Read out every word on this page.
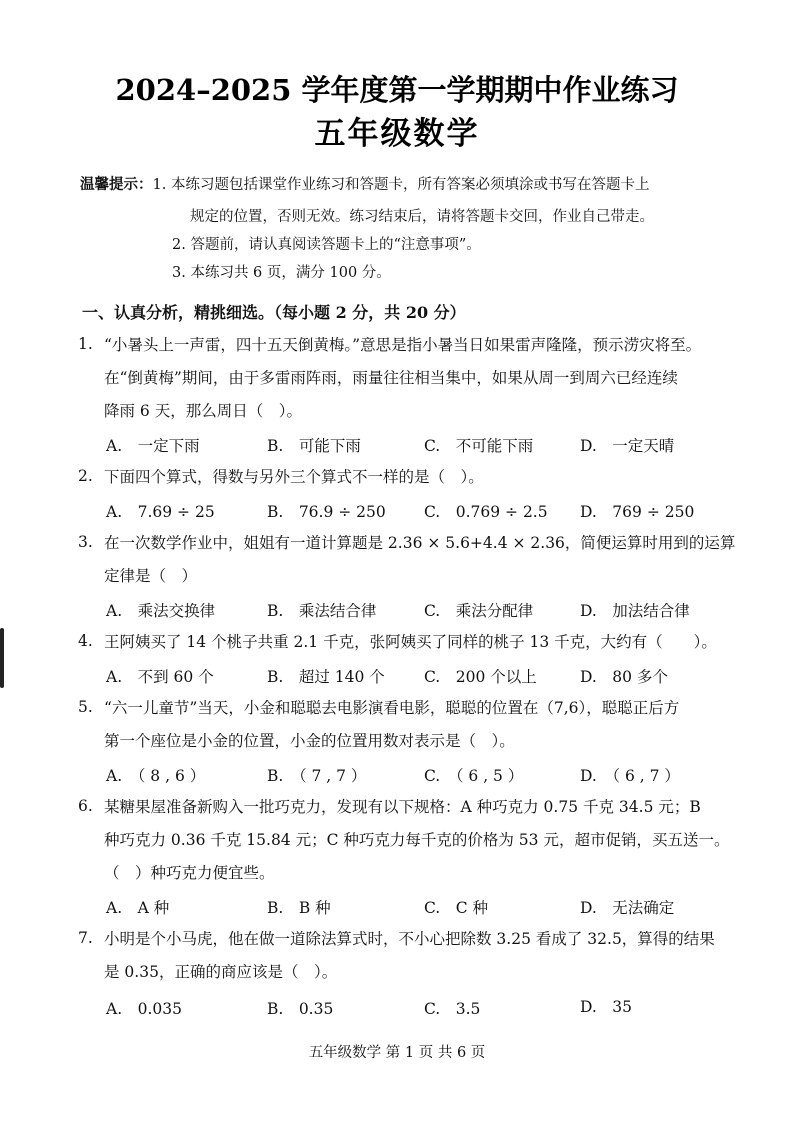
2024–2025 学年度第一学期期中作业练习
五年级数学
温馨提示：1. 本练习题包括课堂作业练习和答题卡，所有答案必须填涂或书写在答题卡上
规定的位置，否则无效。练习结束后，请将答题卡交回，作业自己带走。
2. 答题前，请认真阅读答题卡上的“注意事项”。
3. 本练习共 6 页，满分 100 分。
一、认真分析，精挑细选。（每小题 2 分，共 20 分）
1. “小暑头上一声雷，四十五天倒黄梅。”意思是指小暑当日如果雷声隆隆，预示涝灾将至。
在“倒黄梅”期间，由于多雷雨阵雨，雨量往往相当集中，如果从周一到周六已经连续
降雨 6 天，那么周日（　）。
A.　一定下雨	B.　可能下雨	C.　不可能下雨	D.　一定天晴
2. 下面四个算式，得数与另外三个算式不一样的是（　）。
A.　7.69 ÷ 25	B.　76.9 ÷ 250 C.　0.769 ÷ 2.5 D.　769 ÷ 250
3. 在一次数学作业中，姐姐有一道计算题是 2.36 × 5.6+4.4 × 2.36，简便运算时用到的运算
定律是（　）
A.　乘法交换律	B.　乘法结合律	C.　乘法分配律	D.　加法结合律
4. 王阿姨买了 14 个桃子共重 2.1 千克，张阿姨买了同样的桃子 13 千克，大约有（　　）。
A.　不到 60 个	B.　超过 140 个	C.　200 个以上	D.　80 多个
5. “六一儿童节”当天，小金和聪聪去电影演看电影，聪聪的位置在（7,6），聪聪正后方
第一个座位是小金的位置，小金的位置用数对表示是（　）。
A.　（ 8 , 6 ）	B.　（ 7 , 7 ）	C.　（ 6 , 5 ）	D.　（ 6 , 7 ）
6. 某糖果屋准备新购入一批巧克力，发现有以下规格：A 种巧克力 0.75 千克 34.5 元；B
种巧克力 0.36 千克 15.84 元；C 种巧克力每千克的价格为 53 元，超市促销，买五送一。
（　）种巧克力便宜些。
A.　A 种	B.　B 种	C.　C 种	D.　无法确定
7. 小明是个小马虎，他在做一道除法算式时，不小心把除数 3.25 看成了 32.5，算得的结果
是 0.35，正确的商应该是（　）。
A.　0.035	B.　0.35	C.　3.5	D.　35
五年级数学 第 1 页 共 6 页
